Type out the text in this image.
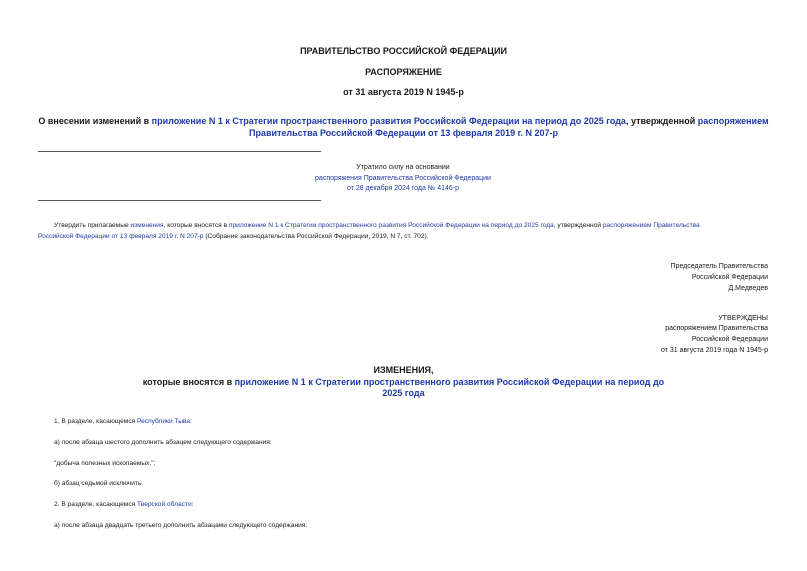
ПРАВИТЕЛЬСТВО РОССИЙСКОЙ ФЕДЕРАЦИИ
РАСПОРЯЖЕНИЕ
от 31 августа 2019 N 1945-р
О внесении изменений в приложение N 1 к Стратегии пространственного развития Российской Федерации на период до 2025 года, утвержденной распоряжением
Правительства Российской Федерации от 13 февраля 2019 г. N 207-р
Утратило силу на основании
распоряжения Правительства Российской Федерации
от 28 декабря 2024 года № 4146-р
Утвердить прилагаемые изменения, которые вносятся в приложение N 1 к Стратегии пространственного развития Российской Федерации на период до 2025 года, утвержденной распоряжением Правительства
Российской Федерации от 13 февраля 2019 г. N 207-р (Собрание законодательства Российской Федерации, 2019, N 7, ст. 702).
Председатель Правительства
Российской Федерации
Д.Медведев
УТВЕРЖДЕНЫ
распоряжением Правительства
Российской Федерации
от 31 августа 2019 года N 1945-р
ИЗМЕНЕНИЯ,
которые вносятся в приложение N 1 к Стратегии пространственного развития Российской Федерации на период до
2025 года
1. В разделе, касающемся Республики Тыва:
а) после абзаца шестого дополнить абзацем следующего содержания:
"добыча полезных ископаемых.";
б) абзац седьмой исключить.
2. В разделе, касающемся Тверской области:
а) после абзаца двадцать третьего дополнить абзацами следующего содержания:
